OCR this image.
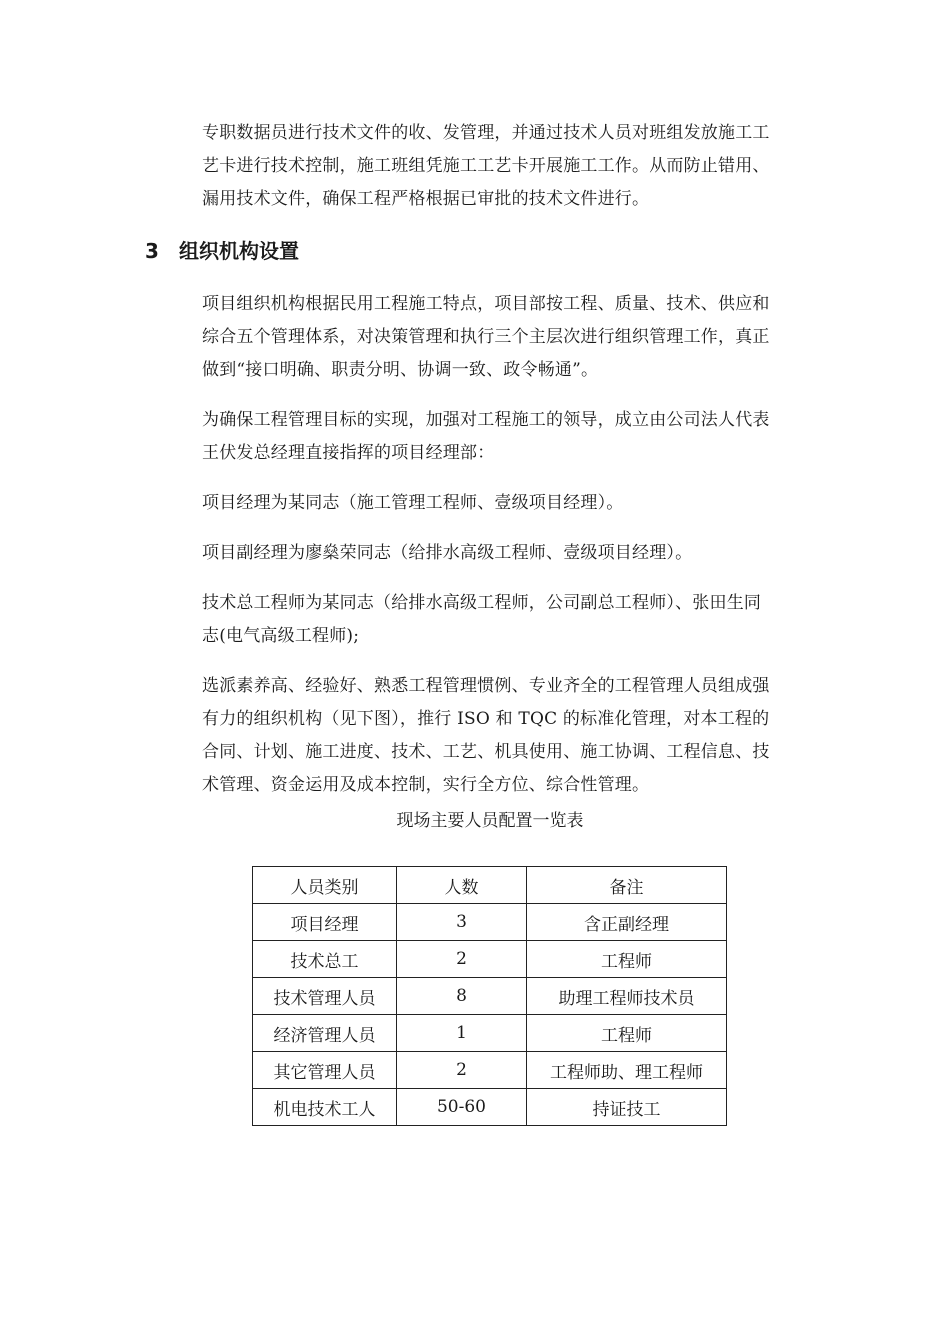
专职数据员进行技术文件的收、发管理，并通过技术人员对班组发放施工工
艺卡进行技术控制，施工班组凭施工工艺卡开展施工工作。从而防止错用、
漏用技术文件，确保工程严格根据已审批的技术文件进行。

3 组织机构设置

项目组织机构根据民用工程施工特点，项目部按工程、质量、技术、供应和
综合五个管理体系，对决策管理和执行三个主层次进行组织管理工作，真正
做到“接口明确、职责分明、协调一致、政令畅通”。

为确保工程管理目标的实现，加强对工程施工的领导，成立由公司法人代表
王伏发总经理直接指挥的项目经理部：

项目经理为某同志（施工管理工程师、壹级项目经理）。

项目副经理为廖燊荣同志（给排水高级工程师、壹级项目经理）。

技术总工程师为某同志（给排水高级工程师，公司副总工程师）、张田生同
志(电气高级工程师);

选派素养高、经验好、熟悉工程管理惯例、专业齐全的工程管理人员组成强
有力的组织机构（见下图），推行 ISO 和 TQC 的标准化管理，对本工程的
合同、计划、施工进度、技术、工艺、机具使用、施工协调、工程信息、技
术管理、资金运用及成本控制，实行全方位、综合性管理。

现场主要人员配置一览表

人员类别	人数	备注
项目经理	3	含正副经理
技术总工	2	工程师
技术管理人员	8	助理工程师技术员
经济管理人员	1	工程师
其它管理人员	2	工程师助、理工程师
机电技术工人	50-60	持证技工
